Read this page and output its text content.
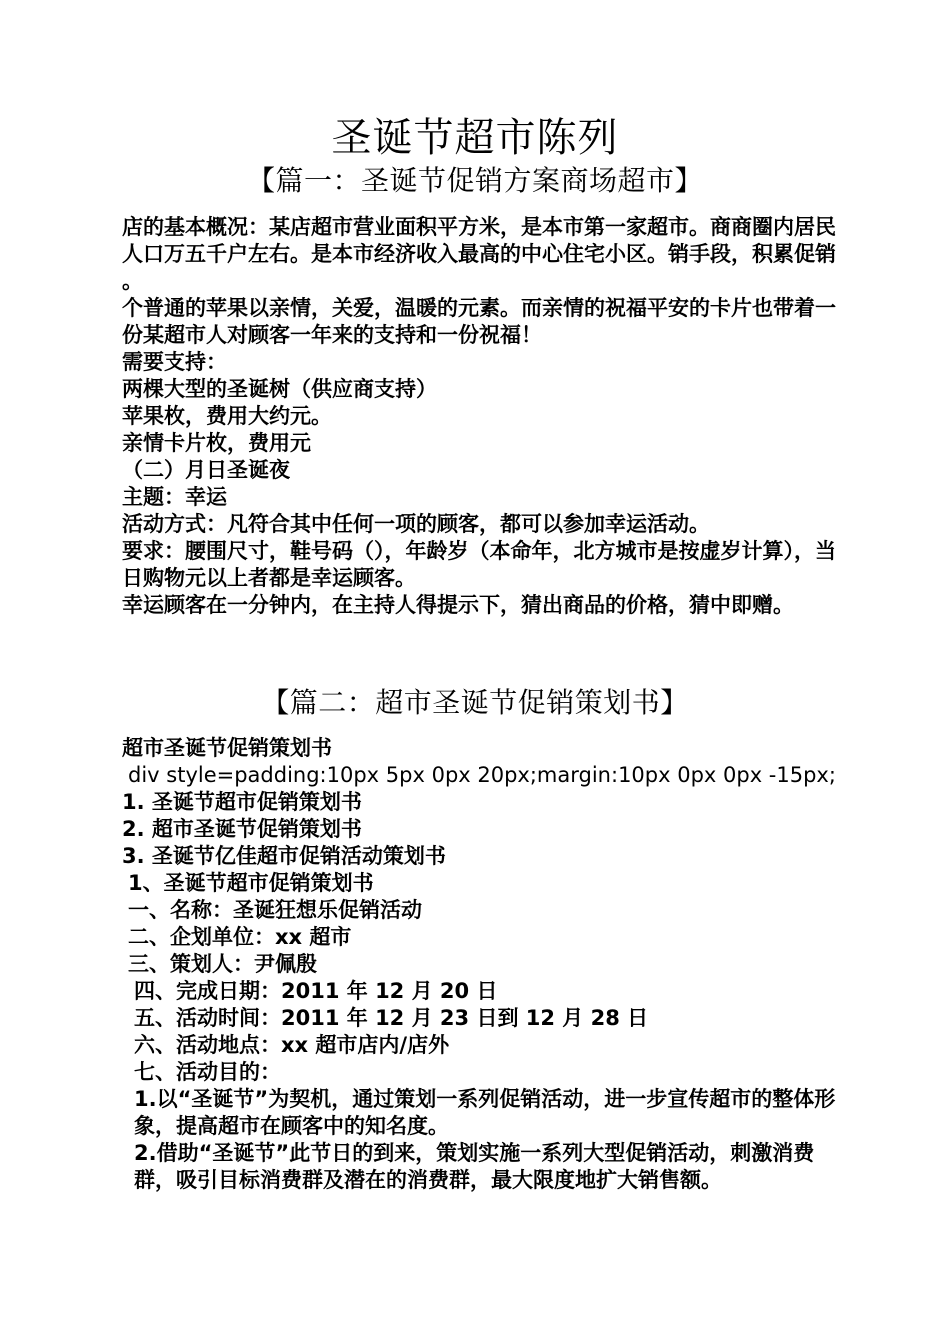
圣诞节超市陈列
【篇一：圣诞节促销方案商场超市】

店的基本概况：某店超市营业面积平方米，是本市第一家超市。商商圈内居民人口万五千户左右。是本市经济收入最高的中心住宅小区。销手段，积累促销

。

个普通的苹果以亲情，关爱，温暖的元素。而亲情的祝福平安的卡片也带着一份某超市人对顾客一年来的支持和一份祝福！

需要支持：

两棵大型的圣诞树（供应商支持）

苹果枚，费用大约元。

亲情卡片枚，费用元

（二）月日圣诞夜

主题：幸运

活动方式：凡符合其中任何一项的顾客，都可以参加幸运活动。

要求：腰围尺寸，鞋号码（），年龄岁（本命年，北方城市是按虚岁计算），当日购物元以上者都是幸运顾客。

幸运顾客在一分钟内，在主持人得提示下，猜出商品的价格，猜中即赠。

【篇二：超市圣诞节促销策划书】

超市圣诞节促销策划书

div style=padding:10px 5px 0px 20px;margin:10px 0px 0px -15px;

1. 圣诞节超市促销策划书

2. 超市圣诞节促销策划书

3. 圣诞节亿佳超市促销活动策划书

1、圣诞节超市促销策划书

一、名称：圣诞狂想乐促销活动

二、企划单位：xx 超市

三、策划人：尹佩殷

四、完成日期：2011 年 12 月 20 日

五、活动时间：2011 年 12 月 23 日到 12 月 28 日

六、活动地点：xx 超市店内/店外

七、活动目的：

1.以“圣诞节”为契机，通过策划一系列促销活动，进一步宣传超市的整体形象，提高超市在顾客中的知名度。

2.借助“圣诞节”此节日的到来，策划实施一系列大型促销活动，刺激消费群，吸引目标消费群及潜在的消费群，最大限度地扩大销售额。
